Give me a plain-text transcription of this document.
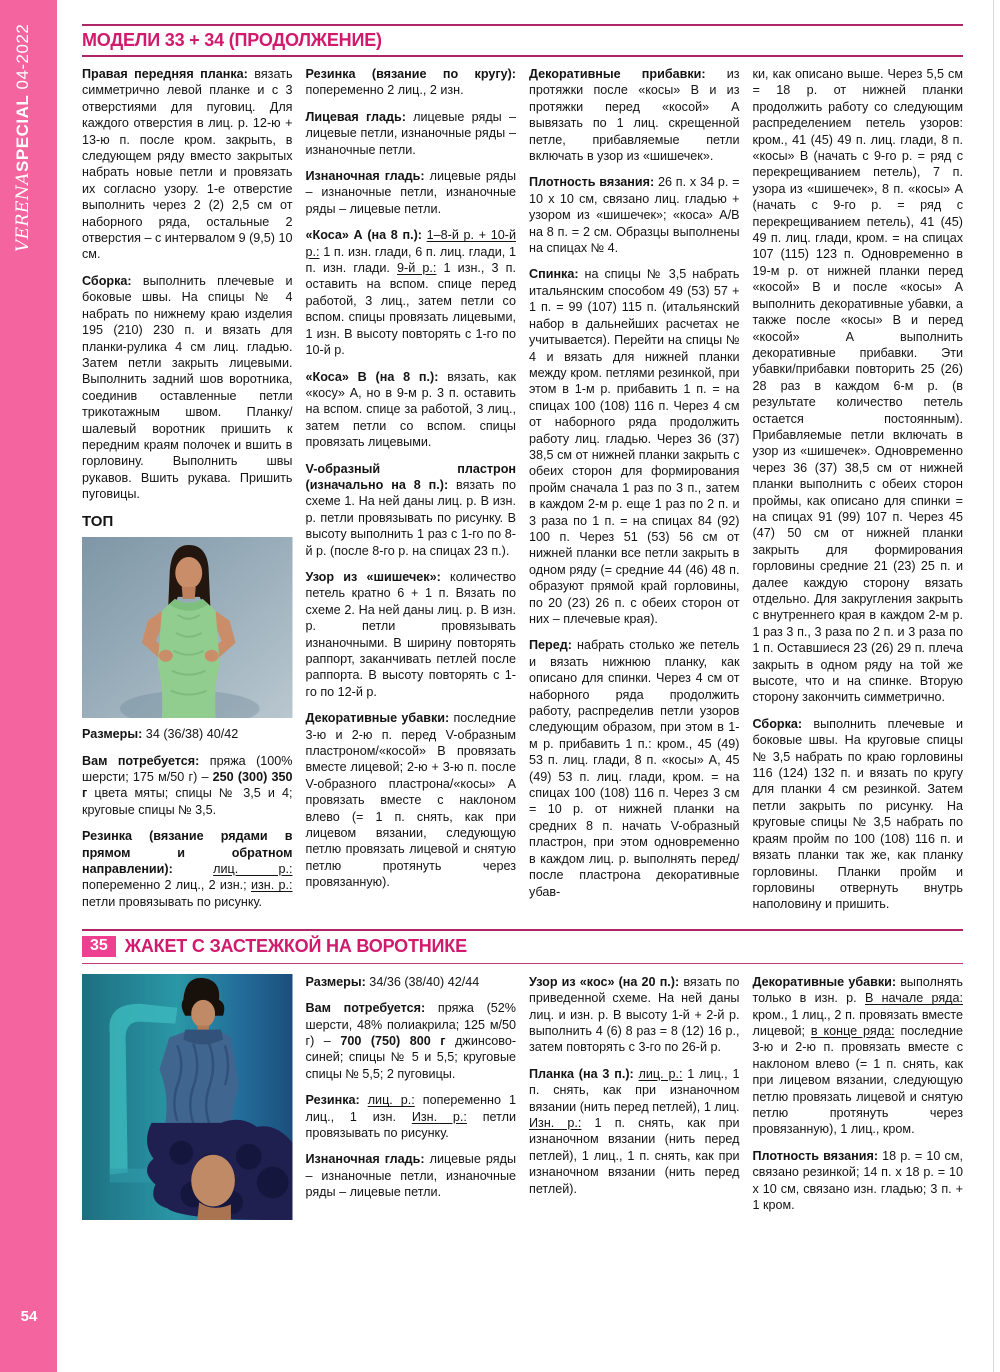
VERENASPECIAL 04-2022
54
МОДЕЛИ 33 + 34 (ПРОДОЛЖЕНИЕ)

Правая передняя планка: вязать симметрично левой планке и с 3 отверстиями для пуговиц. Для каждого отверстия в лиц. р. 12-ю + 13-ю п. после кром. закрыть, в следующем ряду вместо закрытых набрать новые петли и провязать их согласно узору. 1-е отверстие выполнить через 2 (2) 2,5 см от наборного ряда, остальные 2 отверстия – с интервалом 9 (9,5) 10 см.

Сборка: выполнить плечевые и боковые швы. На спицы № 4 набрать по нижнему краю изделия 195 (210) 230 п. и вязать для планки-рулика 4 см лиц. гладью. Затем петли закрыть лицевыми. Выполнить задний шов воротника, соединив оставленные петли трикотажным швом. Планку/шалевый воротник пришить к передним краям полочек и вшить в горловину. Выполнить швы рукавов. Вшить рукава. Пришить пуговицы.

ТОП

Размеры: 34 (36/38) 40/42

Вам потребуется: пряжа (100% шерсти; 175 м/50 г) – 250 (300) 350 г цвета мяты; спицы № 3,5 и 4; круговые спицы № 3,5.

Резинка (вязание рядами в прямом и обратном направлении):	лиц. р.: попеременно 2 лиц., 2 изн.; изн. р.: петли провязывать по рисунку.

Резинка (вязание по кругу): попеременно 2 лиц., 2 изн.

Лицевая гладь: лицевые ряды – лицевые петли, изнаночные ряды – изнаночные петли.

Изнаночная гладь: лицевые ряды – изнаночные петли, изнаночные ряды – лицевые петли.

«Коса» А (на 8 п.): 1–8-й р. + 10-й р.: 1 п. изн. глади, 6 п. лиц. глади, 1 п. изн. глади. 9-й р.: 1 изн., 3 п. оставить на вспом. спице перед работой, 3 лиц., затем петли со вспом. спицы провязать лицевыми, 1 изн. В высоту повторять с 1-го по 10-й р.

«Коса» В (на 8 п.): вязать, как «косу» А, но в 9-м р. 3 п. оставить на вспом. спице за работой, 3 лиц., затем петли со вспом. спицы провязать лицевыми.

V-образный пластрон (изначально на 8 п.): вязать по схеме 1. На ней даны лиц. р. В изн. р. петли провязывать по рисунку. В высоту выполнить 1 раз с 1-го по 8-й р. (после 8-го р. на спицах 23 п.).

Узор из «шишечек»: количество петель кратно 6 + 1 п. Вязать по схеме 2. На ней даны лиц. р. В изн. р. петли провязывать изнаночными. В ширину повторять раппорт, заканчивать петлей после раппорта. В высоту повторять с 1-го по 12-й р.

Декоративные убавки: последние 3-ю и 2-ю п. перед V-образным пластроном/«косой» В провязать вместе лицевой; 2-ю + 3-ю п. после V-образного пластрона/«косы» А провязать вместе с наклоном влево (= 1 п. снять, как при лицевом вязании, следующую петлю провязать лицевой и снятую петлю протянуть через провязанную).

Декоративные прибавки: из протяжки после «косы» В и из протяжки перед «косой» А вывязать по 1 лиц. скрещенной петле, прибавляемые петли включать в узор из «шишечек».

Плотность вязания: 26 п. х 34 р. = 10 х 10 см, связано лиц. гладью + узором из «шишечек»; «коса» А/В на 8 п. = 2 см. Образцы выполнены на спицах № 4.

Спинка: на спицы № 3,5 набрать итальянским способом 49 (53) 57 + 1 п. = 99 (107) 115 п. (итальянский набор в дальнейших расчетах не учитывается). Перейти на спицы № 4 и вязать для нижней планки между кром. петлями резинкой, при этом в 1-м р. прибавить 1 п. = на спицах 100 (108) 116 п. Через 4 см от наборного ряда продолжить работу лиц. гладью. Через 36 (37) 38,5 см от нижней планки закрыть с обеих сторон для формирования пройм сначала 1 раз по 3 п., затем в каждом 2-м р. еще 1 раз по 2 п. и 3 раза по 1 п. = на спицах 84 (92) 100 п. Через 51 (53) 56 см от нижней планки все петли закрыть в одном ряду (= средние 44 (46) 48 п. образуют прямой край горловины, по 20 (23) 26 п. с обеих сторон от них – плечевые края).

Перед: набрать столько же петель и вязать нижнюю планку, как описано для спинки. Через 4 см от наборного ряда продолжить работу, распределив петли узоров следующим образом, при этом в 1-м р. прибавить 1 п.: кром., 45 (49) 53 п. лиц. глади, 8 п. «косы» А, 45 (49) 53 п. лиц. глади, кром. = на спицах 100 (108) 116 п. Через 3 см = 10 р. от нижней планки на средних 8 п. начать V-образный пластрон, при этом одновременно в каждом лиц. р. выполнять перед/после пластрона декоративные убав-

ки, как описано выше. Через 5,5 см = 18 р. от нижней планки продолжить работу со следующим распределением петель узоров: кром., 41 (45) 49 п. лиц. глади, 8 п. «косы» В (начать с 9-го р. = ряд с перекрещиванием петель), 7 п. узора из «шишечек», 8 п. «косы» А (начать с 9-го р. = ряд с перекрещиванием петель), 41 (45) 49 п. лиц. глади, кром. = на спицах 107 (115) 123 п. Одновременно в 19-м р. от нижней планки перед «косой» В и после «косы» А выполнить декоративные убавки, а также после «косы» В и перед «косой» А выполнить декоративные прибавки. Эти убавки/прибавки повторить 25 (26) 28 раз в каждом 6-м р. (в результате количество петель остается постоянным). Прибавляемые петли включать в узор из «шишечек». Одновременно через 36 (37) 38,5 см от нижней планки выполнить с обеих сторон проймы, как описано для спинки = на спицах 91 (99) 107 п. Через 45 (47) 50 см от нижней планки закрыть для формирования горловины средние 21 (23) 25 п. и далее каждую сторону вязать отдельно. Для закругления закрыть с внутреннего края в каждом 2-м р. 1 раз 3 п., 3 раза по 2 п. и 3 раза по 1 п. Оставшиеся 23 (26) 29 п. плеча закрыть в одном ряду на той же высоте, что и на спинке. Вторую сторону закончить симметрично.

Сборка: выполнить плечевые и боковые швы. На круговые спицы № 3,5 набрать по краю горловины 116 (124) 132 п. и вязать по кругу для планки 4 см резинкой. Затем петли закрыть по рисунку. На круговые спицы № 3,5 набрать по краям пройм по 100 (108) 116 п. и вязать планки так же, как планку горловины. Планки пройм и горловины отвернуть внутрь наполовину и пришить.

35 ЖАКЕТ С ЗАСТЕЖКОЙ НА ВОРОТНИКЕ

Размеры: 34/36 (38/40) 42/44

Вам потребуется: пряжа (52% шерсти, 48% полиакрила; 125 м/50 г) – 700 (750) 800 г джинсово-синей; спицы № 5 и 5,5; круговые спицы № 5,5; 2 пуговицы.

Резинка: лиц. р.: попеременно 1 лиц., 1 изн. Изн. р.: петли провязывать по рисунку.

Изнаночная гладь: лицевые ряды – изнаночные петли, изнаночные ряды – лицевые петли.

Узор из «кос» (на 20 п.): вязать по приведенной схеме. На ней даны лиц. и изн. р. В высоту 1-й + 2-й р. выполнить 4 (6) 8 раз = 8 (12) 16 р., затем повторять с 3-го по 26-й р.

Планка (на 3 п.): лиц. р.: 1 лиц., 1 п. снять, как при изнаночном вязании (нить перед петлей), 1 лиц. Изн. р.: 1 п. снять, как при изнаночном вязании (нить перед петлей), 1 лиц., 1 п. снять, как при изнаночном вязании (нить перед петлей).

Декоративные убавки: выполнять только в изн. р. В начале ряда: кром., 1 лиц., 2 п. провязать вместе лицевой; в конце ряда: последние 3-ю и 2-ю п. провязать вместе с наклоном влево (= 1 п. снять, как при лицевом вязании, следующую петлю провязать лицевой и снятую петлю протянуть через провязанную), 1 лиц., кром.

Плотность вязания: 18 р. = 10 см, связано резинкой; 14 п. х 18 р. = 10 х 10 см, связано изн. гладью; 3 п. + 1 кром.
